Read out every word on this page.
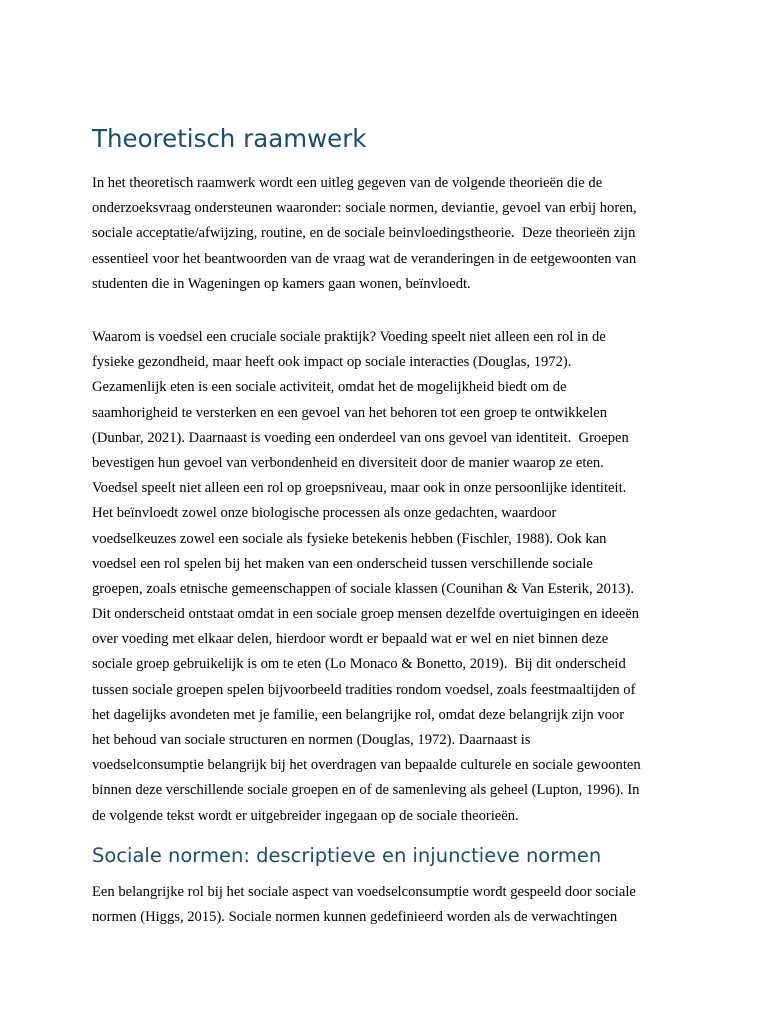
Theoretisch raamwerk

In het theoretisch raamwerk wordt een uitleg gegeven van de volgende theorieën die de
onderzoeksvraag ondersteunen waaronder: sociale normen, deviantie, gevoel van erbij horen,
sociale acceptatie/afwijzing, routine, en de sociale beinvloedingstheorie.  Deze theorieën zijn
essentieel voor het beantwoorden van de vraag wat de veranderingen in de eetgewoonten van
studenten die in Wageningen op kamers gaan wonen, beïnvloedt.

Waarom is voedsel een cruciale sociale praktijk? Voeding speelt niet alleen een rol in de
fysieke gezondheid, maar heeft ook impact op sociale interacties (Douglas, 1972).
Gezamenlijk eten is een sociale activiteit, omdat het de mogelijkheid biedt om de
saamhorigheid te versterken en een gevoel van het behoren tot een groep te ontwikkelen
(Dunbar, 2021). Daarnaast is voeding een onderdeel van ons gevoel van identiteit.  Groepen
bevestigen hun gevoel van verbondenheid en diversiteit door de manier waarop ze eten.
Voedsel speelt niet alleen een rol op groepsniveau, maar ook in onze persoonlijke identiteit.
Het beïnvloedt zowel onze biologische processen als onze gedachten, waardoor
voedselkeuzes zowel een sociale als fysieke betekenis hebben (Fischler, 1988). Ook kan
voedsel een rol spelen bij het maken van een onderscheid tussen verschillende sociale
groepen, zoals etnische gemeenschappen of sociale klassen (Counihan & Van Esterik, 2013).
Dit onderscheid ontstaat omdat in een sociale groep mensen dezelfde overtuigingen en ideeën
over voeding met elkaar delen, hierdoor wordt er bepaald wat er wel en niet binnen deze
sociale groep gebruikelijk is om te eten (Lo Monaco & Bonetto, 2019).  Bij dit onderscheid
tussen sociale groepen spelen bijvoorbeeld tradities rondom voedsel, zoals feestmaaltijden of
het dagelijks avondeten met je familie, een belangrijke rol, omdat deze belangrijk zijn voor
het behoud van sociale structuren en normen (Douglas, 1972). Daarnaast is
voedselconsumptie belangrijk bij het overdragen van bepaalde culturele en sociale gewoonten
binnen deze verschillende sociale groepen en of de samenleving als geheel (Lupton, 1996). In
de volgende tekst wordt er uitgebreider ingegaan op de sociale theorieën.

Sociale normen: descriptieve en injunctieve normen

Een belangrijke rol bij het sociale aspect van voedselconsumptie wordt gespeeld door sociale
normen (Higgs, 2015). Sociale normen kunnen gedefinieerd worden als de verwachtingen
